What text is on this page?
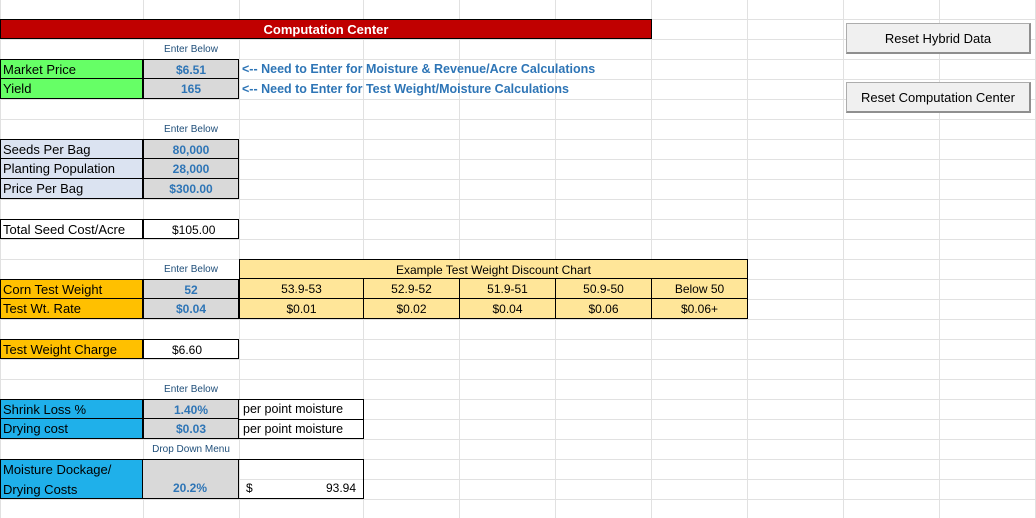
Computation Center
Reset Hybrid Data
Reset Computation Center
Enter Below
Market Price	$6.51	<-- Need to Enter for Moisture & Revenue/Acre Calculations
Yield	165	<-- Need to Enter for Test Weight/Moisture Calculations
Enter Below
Seeds Per Bag	80,000
Planting Population	28,000
Price Per Bag	$300.00
Total Seed Cost/Acre	$105.00
Enter Below
Corn Test Weight	52
Test Wt. Rate	$0.04
Example Test Weight Discount Chart
53.9-53	52.9-52	51.9-51	50.9-50	Below 50
$0.01	$0.02	$0.04	$0.06	$0.06+
Test Weight Charge	$6.60
Enter Below
Shrink Loss %	1.40%	per point moisture
Drying cost	$0.03	per point moisture
Drop Down Menu
Moisture Dockage/
Drying Costs	20.2%	$	93.94
